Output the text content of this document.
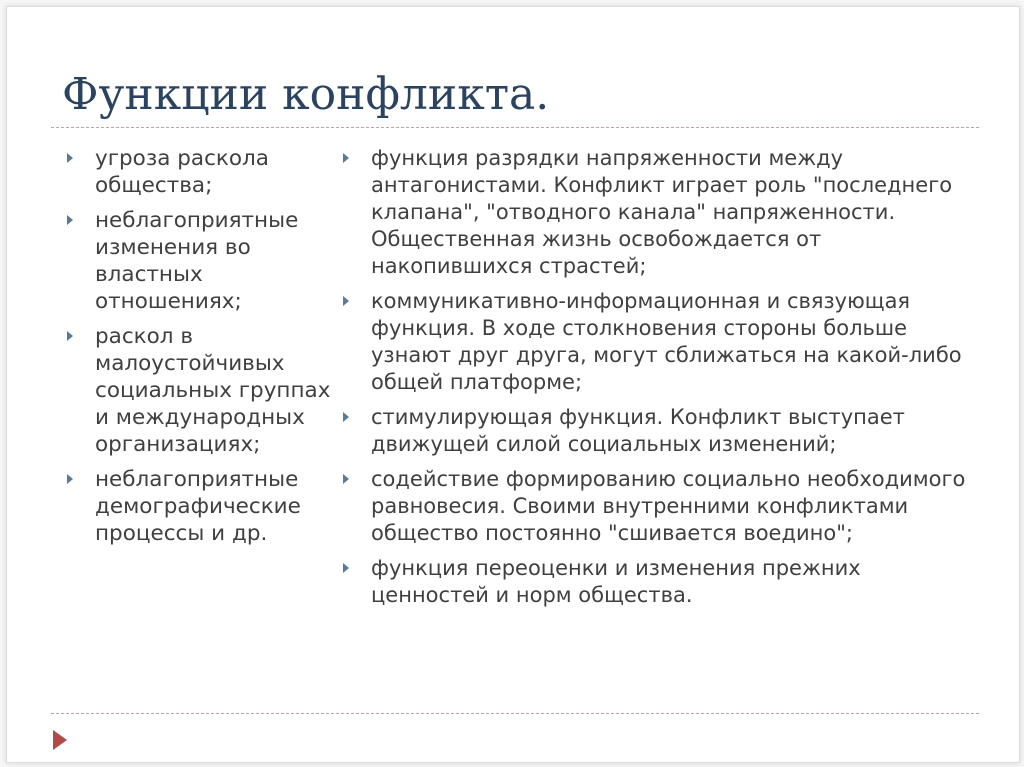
Функции конфликта.
угроза раскола общества;
неблагоприятные изменения во властных отношениях;
раскол в малоустойчивых социальных группах и международных организациях;
неблагоприятные демографические процессы и др.
функция разрядки напряженности между антагонистами. Конфликт играет роль "последнего клапана", "отводного канала" напряженности. Общественная жизнь освобождается от накопившихся страстей;
коммуникативно-информационная и связующая функция. В ходе столкновения стороны больше узнают друг друга, могут сближаться на какой-либо общей платформе;
стимулирующая функция. Конфликт выступает движущей силой социальных изменений;
содействие формированию социально необходимого равновесия. Своими внутренними конфликтами общество постоянно "сшивается воедино";
функция переоценки и изменения прежних ценностей и норм общества.
